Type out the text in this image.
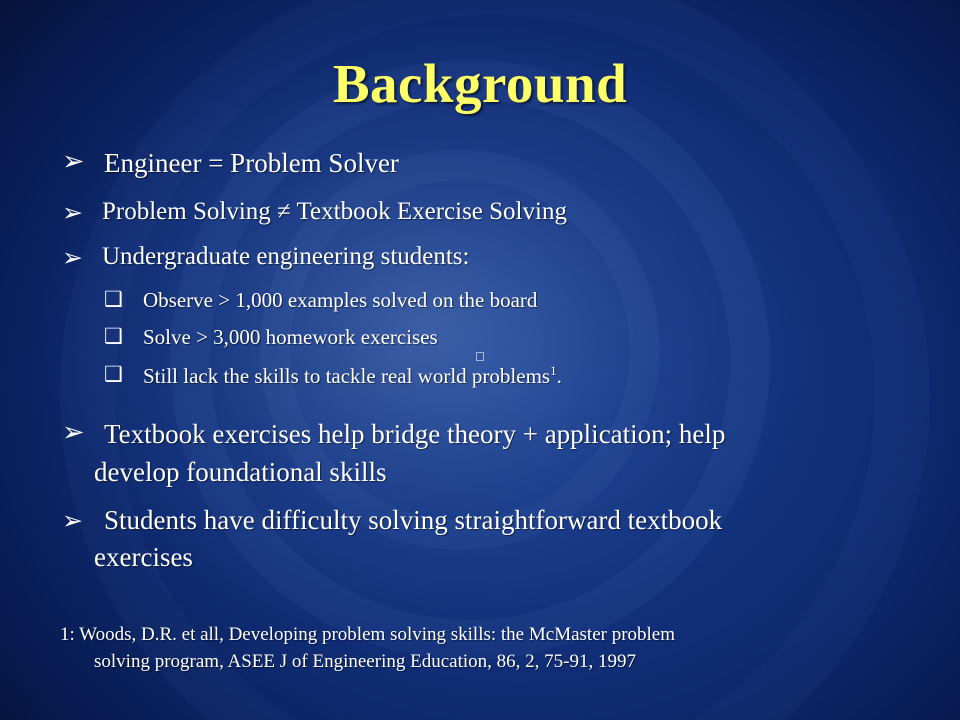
Background
➢ Engineer = Problem Solver
➢ Problem Solving ≠ Textbook Exercise Solving
➢ Undergraduate engineering students:
❑ Observe > 1,000 examples solved on the board
❑ Solve > 3,000 homework exercises
❑ Still lack the skills to tackle real world problems$^1$.
➢ Textbook exercises help bridge theory + application; help
develop foundational skills
➢ Students have difficulty solving straightforward textbook
exercises
1: Woods, D.R. et all, Developing problem solving skills: the McMaster problem
solving program, ASEE J of Engineering Education, 86, 2, 75-91, 1997
